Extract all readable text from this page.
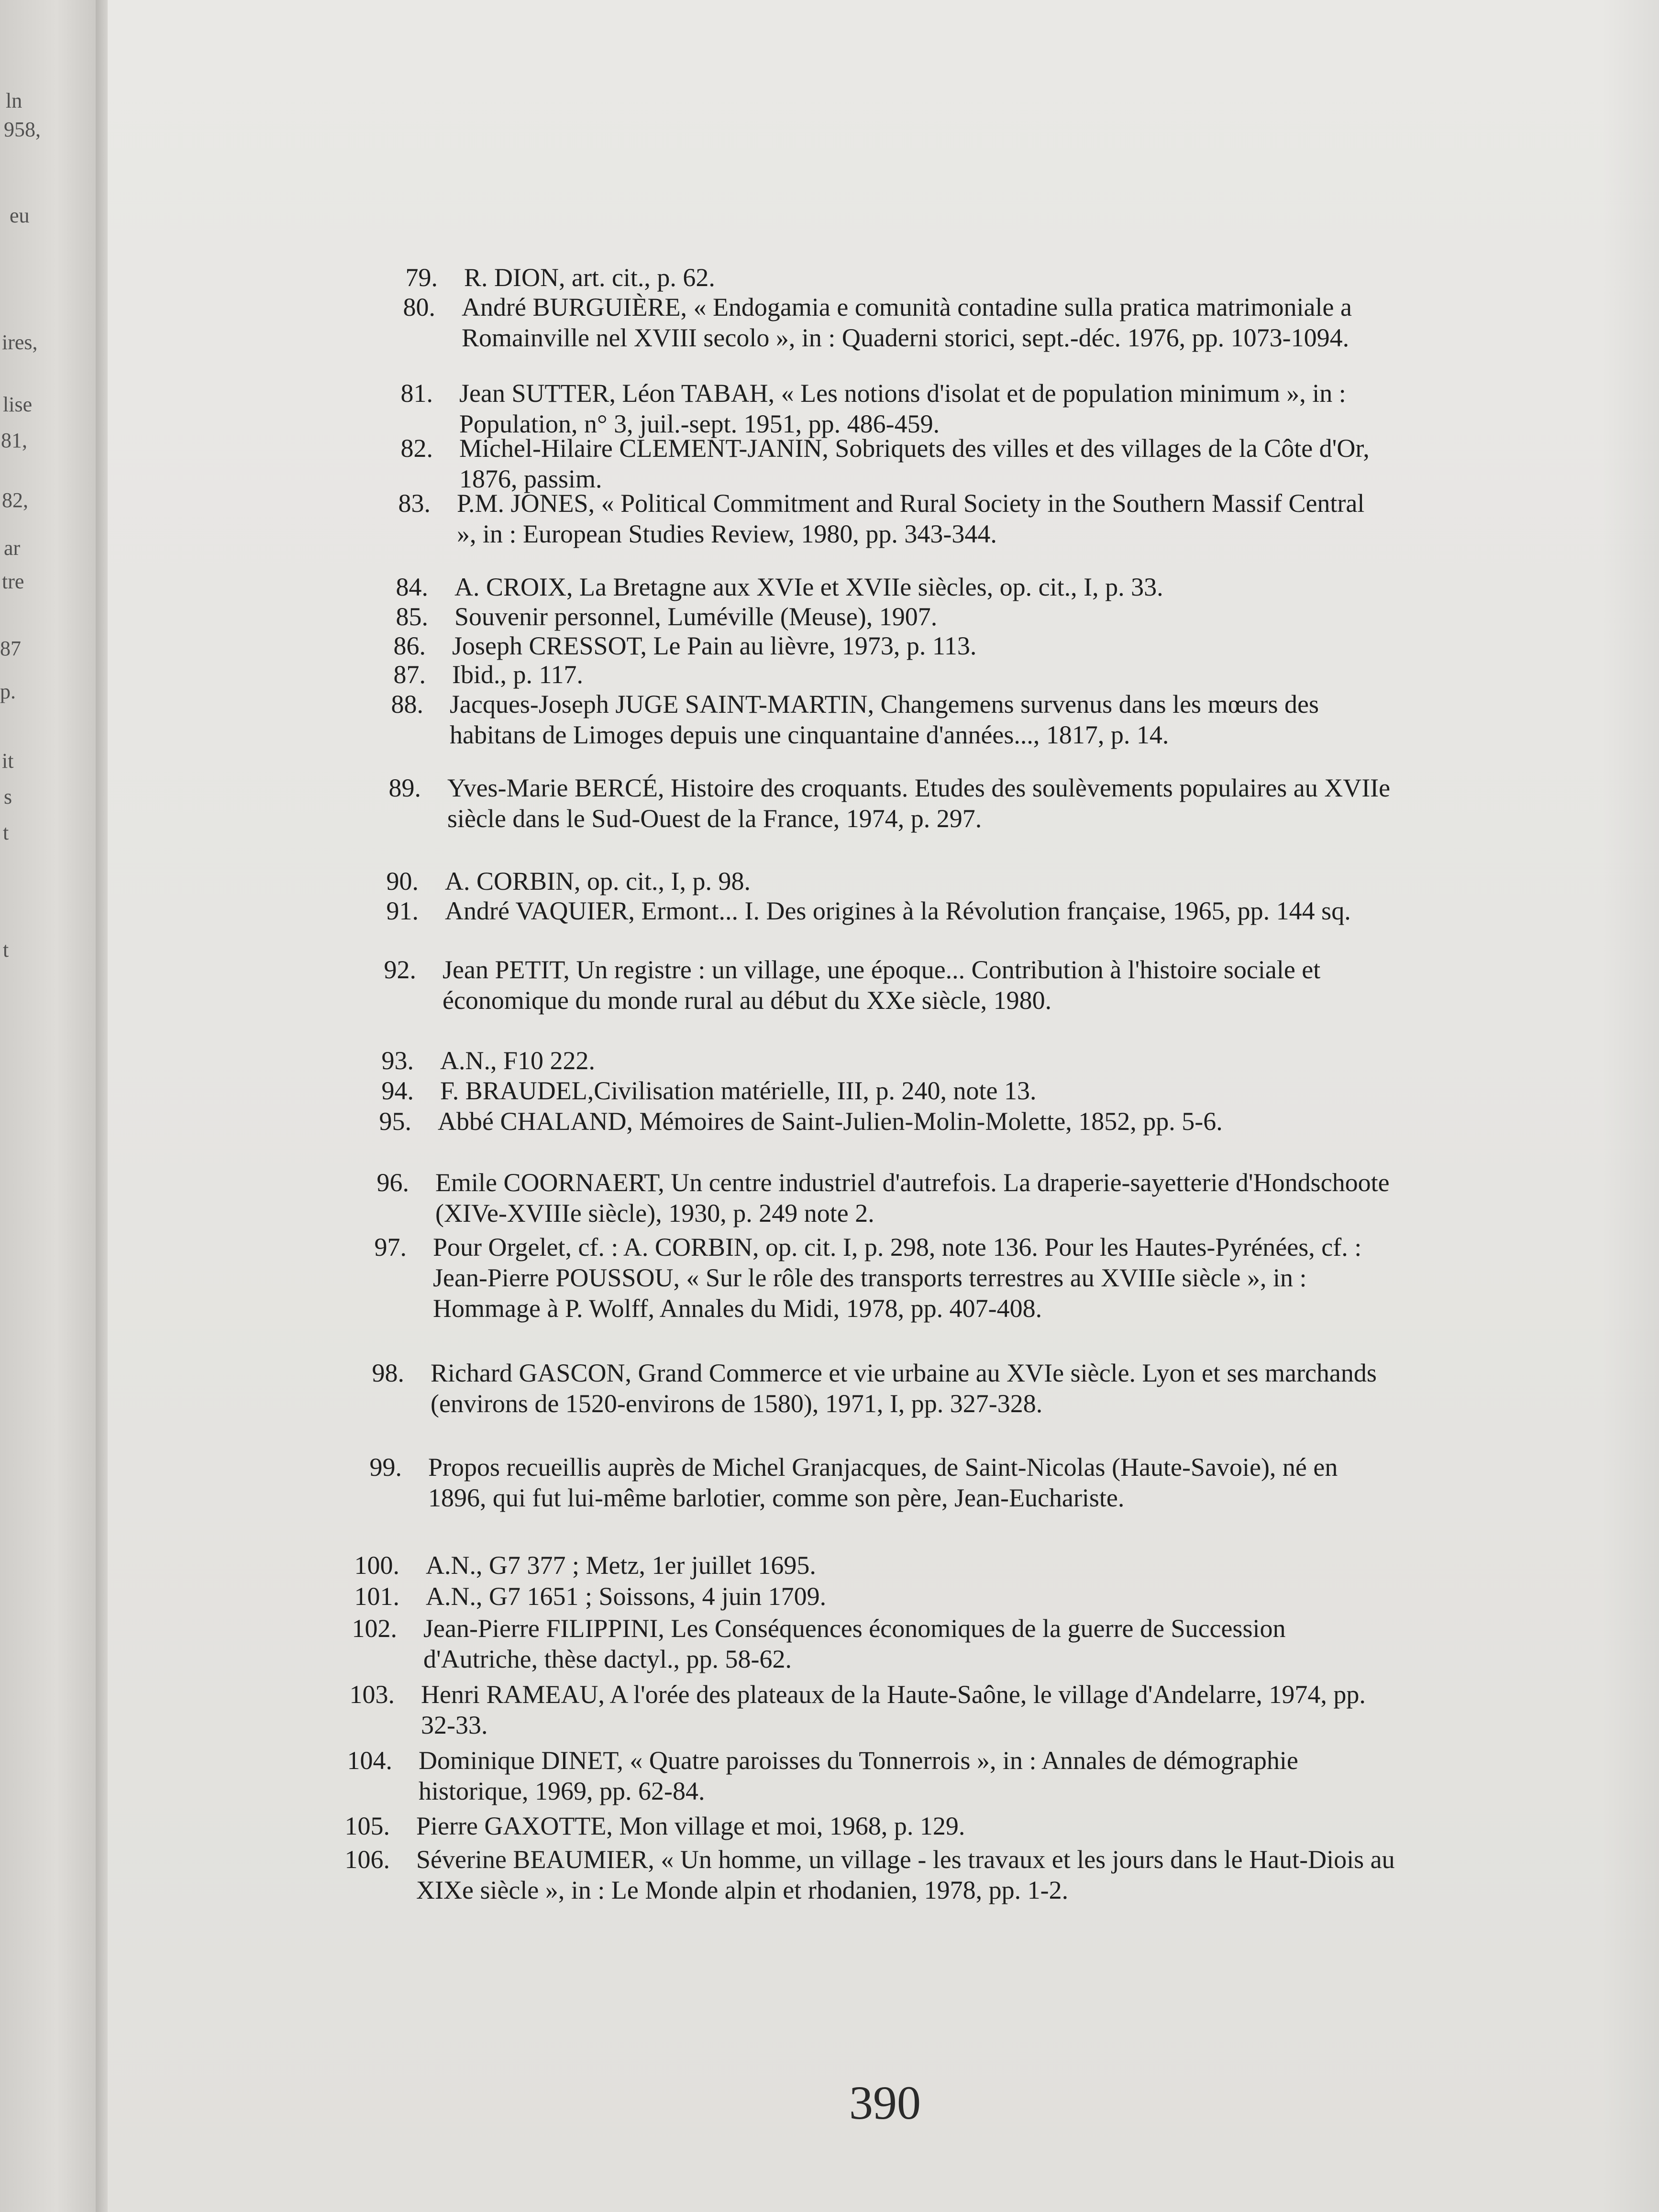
ln
958,
eu
ires,
lise
81,
82,
ar
tre
87
p.
it
s
t
t
79. R. DION, art. cit., p. 62.
80. André BURGUIÈRE, « Endogamia e comunità contadine sulla pratica matrimoniale a Romainville nel XVIII secolo », in : Quaderni storici, sept.-déc. 1976, pp. 1073-1094.
81. Jean SUTTER, Léon TABAH, « Les notions d'isolat et de population minimum », in : Population, n° 3, juil.-sept. 1951, pp. 486-459.
82. Michel-Hilaire CLEMENT-JANIN, Sobriquets des villes et des villages de la Côte d'Or, 1876, passim.
83. P.M. JONES, « Political Commitment and Rural Society in the Southern Massif Central », in : European Studies Review, 1980, pp. 343-344.
84. A. CROIX, La Bretagne aux XVIe et XVIIe siècles, op. cit., I, p. 33.
85. Souvenir personnel, Luméville (Meuse), 1907.
86. Joseph CRESSOT, Le Pain au lièvre, 1973, p. 113.
87. Ibid., p. 117.
88. Jacques-Joseph JUGE SAINT-MARTIN, Changemens survenus dans les mœurs des habitans de Limoges depuis une cinquantaine d'années..., 1817, p. 14.
89. Yves-Marie BERCÉ, Histoire des croquants. Etudes des soulèvements populaires au XVIIe siècle dans le Sud-Ouest de la France, 1974, p. 297.
90. A. CORBIN, op. cit., I, p. 98.
91. André VAQUIER, Ermont... I. Des origines à la Révolution française, 1965, pp. 144 sq.
92. Jean PETIT, Un registre : un village, une époque... Contribution à l'histoire sociale et économique du monde rural au début du XXe siècle, 1980.
93. A.N., F10 222.
94. F. BRAUDEL,Civilisation matérielle, III, p. 240, note 13.
95. Abbé CHALAND, Mémoires de Saint-Julien-Molin-Molette, 1852, pp. 5-6.
96. Emile COORNAERT, Un centre industriel d'autrefois. La draperie-sayetterie d'Hondschoote (XIVe-XVIIIe siècle), 1930, p. 249 note 2.
97. Pour Orgelet, cf. : A. CORBIN, op. cit. I, p. 298, note 136. Pour les Hautes-Pyrénées, cf. : Jean-Pierre POUSSOU, « Sur le rôle des transports terrestres au XVIIIe siècle », in : Hommage à P. Wolff, Annales du Midi, 1978, pp. 407-408.
98. Richard GASCON, Grand Commerce et vie urbaine au XVIe siècle. Lyon et ses marchands (environs de 1520-environs de 1580), 1971, I, pp. 327-328.
99. Propos recueillis auprès de Michel Granjacques, de Saint-Nicolas (Haute-Savoie), né en 1896, qui fut lui-même barlotier, comme son père, Jean-Eucharistе.
100. A.N., G7 377 ; Metz, 1er juillet 1695.
101. A.N., G7 1651 ; Soissons, 4 juin 1709.
102. Jean-Pierre FILIPPINI, Les Conséquences économiques de la guerre de Succession d'Autriche, thèse dactyl., pp. 58-62.
103. Henri RAMEAU, A l'orée des plateaux de la Haute-Saône, le village d'Andelarre, 1974, pp. 32-33.
104. Dominique DINET, « Quatre paroisses du Tonnerrois », in : Annales de démographie historique, 1969, pp. 62-84.
105. Pierre GAXOTTE, Mon village et moi, 1968, p. 129.
106. Séverine BEAUMIER, « Un homme, un village - les travaux et les jours dans le Haut-Diois au XIXe siècle », in : Le Monde alpin et rhodanien, 1978, pp. 1-2.
390
